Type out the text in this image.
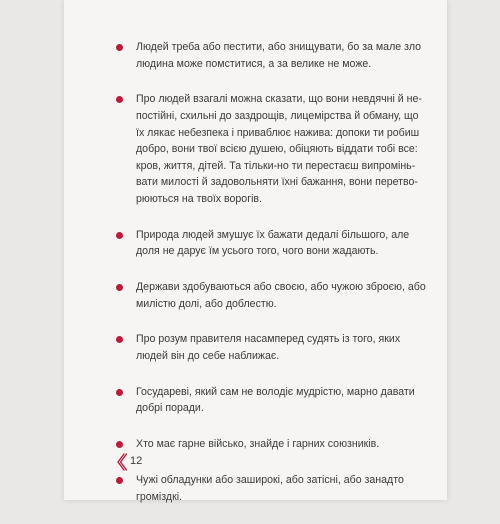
Людей треба або пестити, або знищувати, бо за мале зло
людина може помститися, а за велике не може.
Про людей взагалі можна сказати, що вони невдячні й не-
постійні, схильні до заздрощів, лицемірства й обману, що
їх лякає небезпека і приваблює нажива: допоки ти робиш
добро, вони твої всією душею, обіцяють віддати тобі все:
кров, життя, дітей. Та тільки-но ти перестаєш випромінь-
вати милості й задовольняти їхні бажання, вони перетво-
рюються на твоїх ворогів.
Природа людей змушує їх бажати дедалі більшого, але
доля не дарує їм усього того, чого вони жадають.
Держави здобуваються або своєю, або чужою зброєю, або
милістю долі, або доблестю.
Про розум правителя насамперед судять із того, яких
людей він до себе наближає.
Государеві, який сам не володіє мудрістю, марно давати
добрі поради.
Хто має гарне військо, знайде і гарних союзників.
Чужі обладунки або заширокі, або затісні, або занадто
громіздкі.
12
